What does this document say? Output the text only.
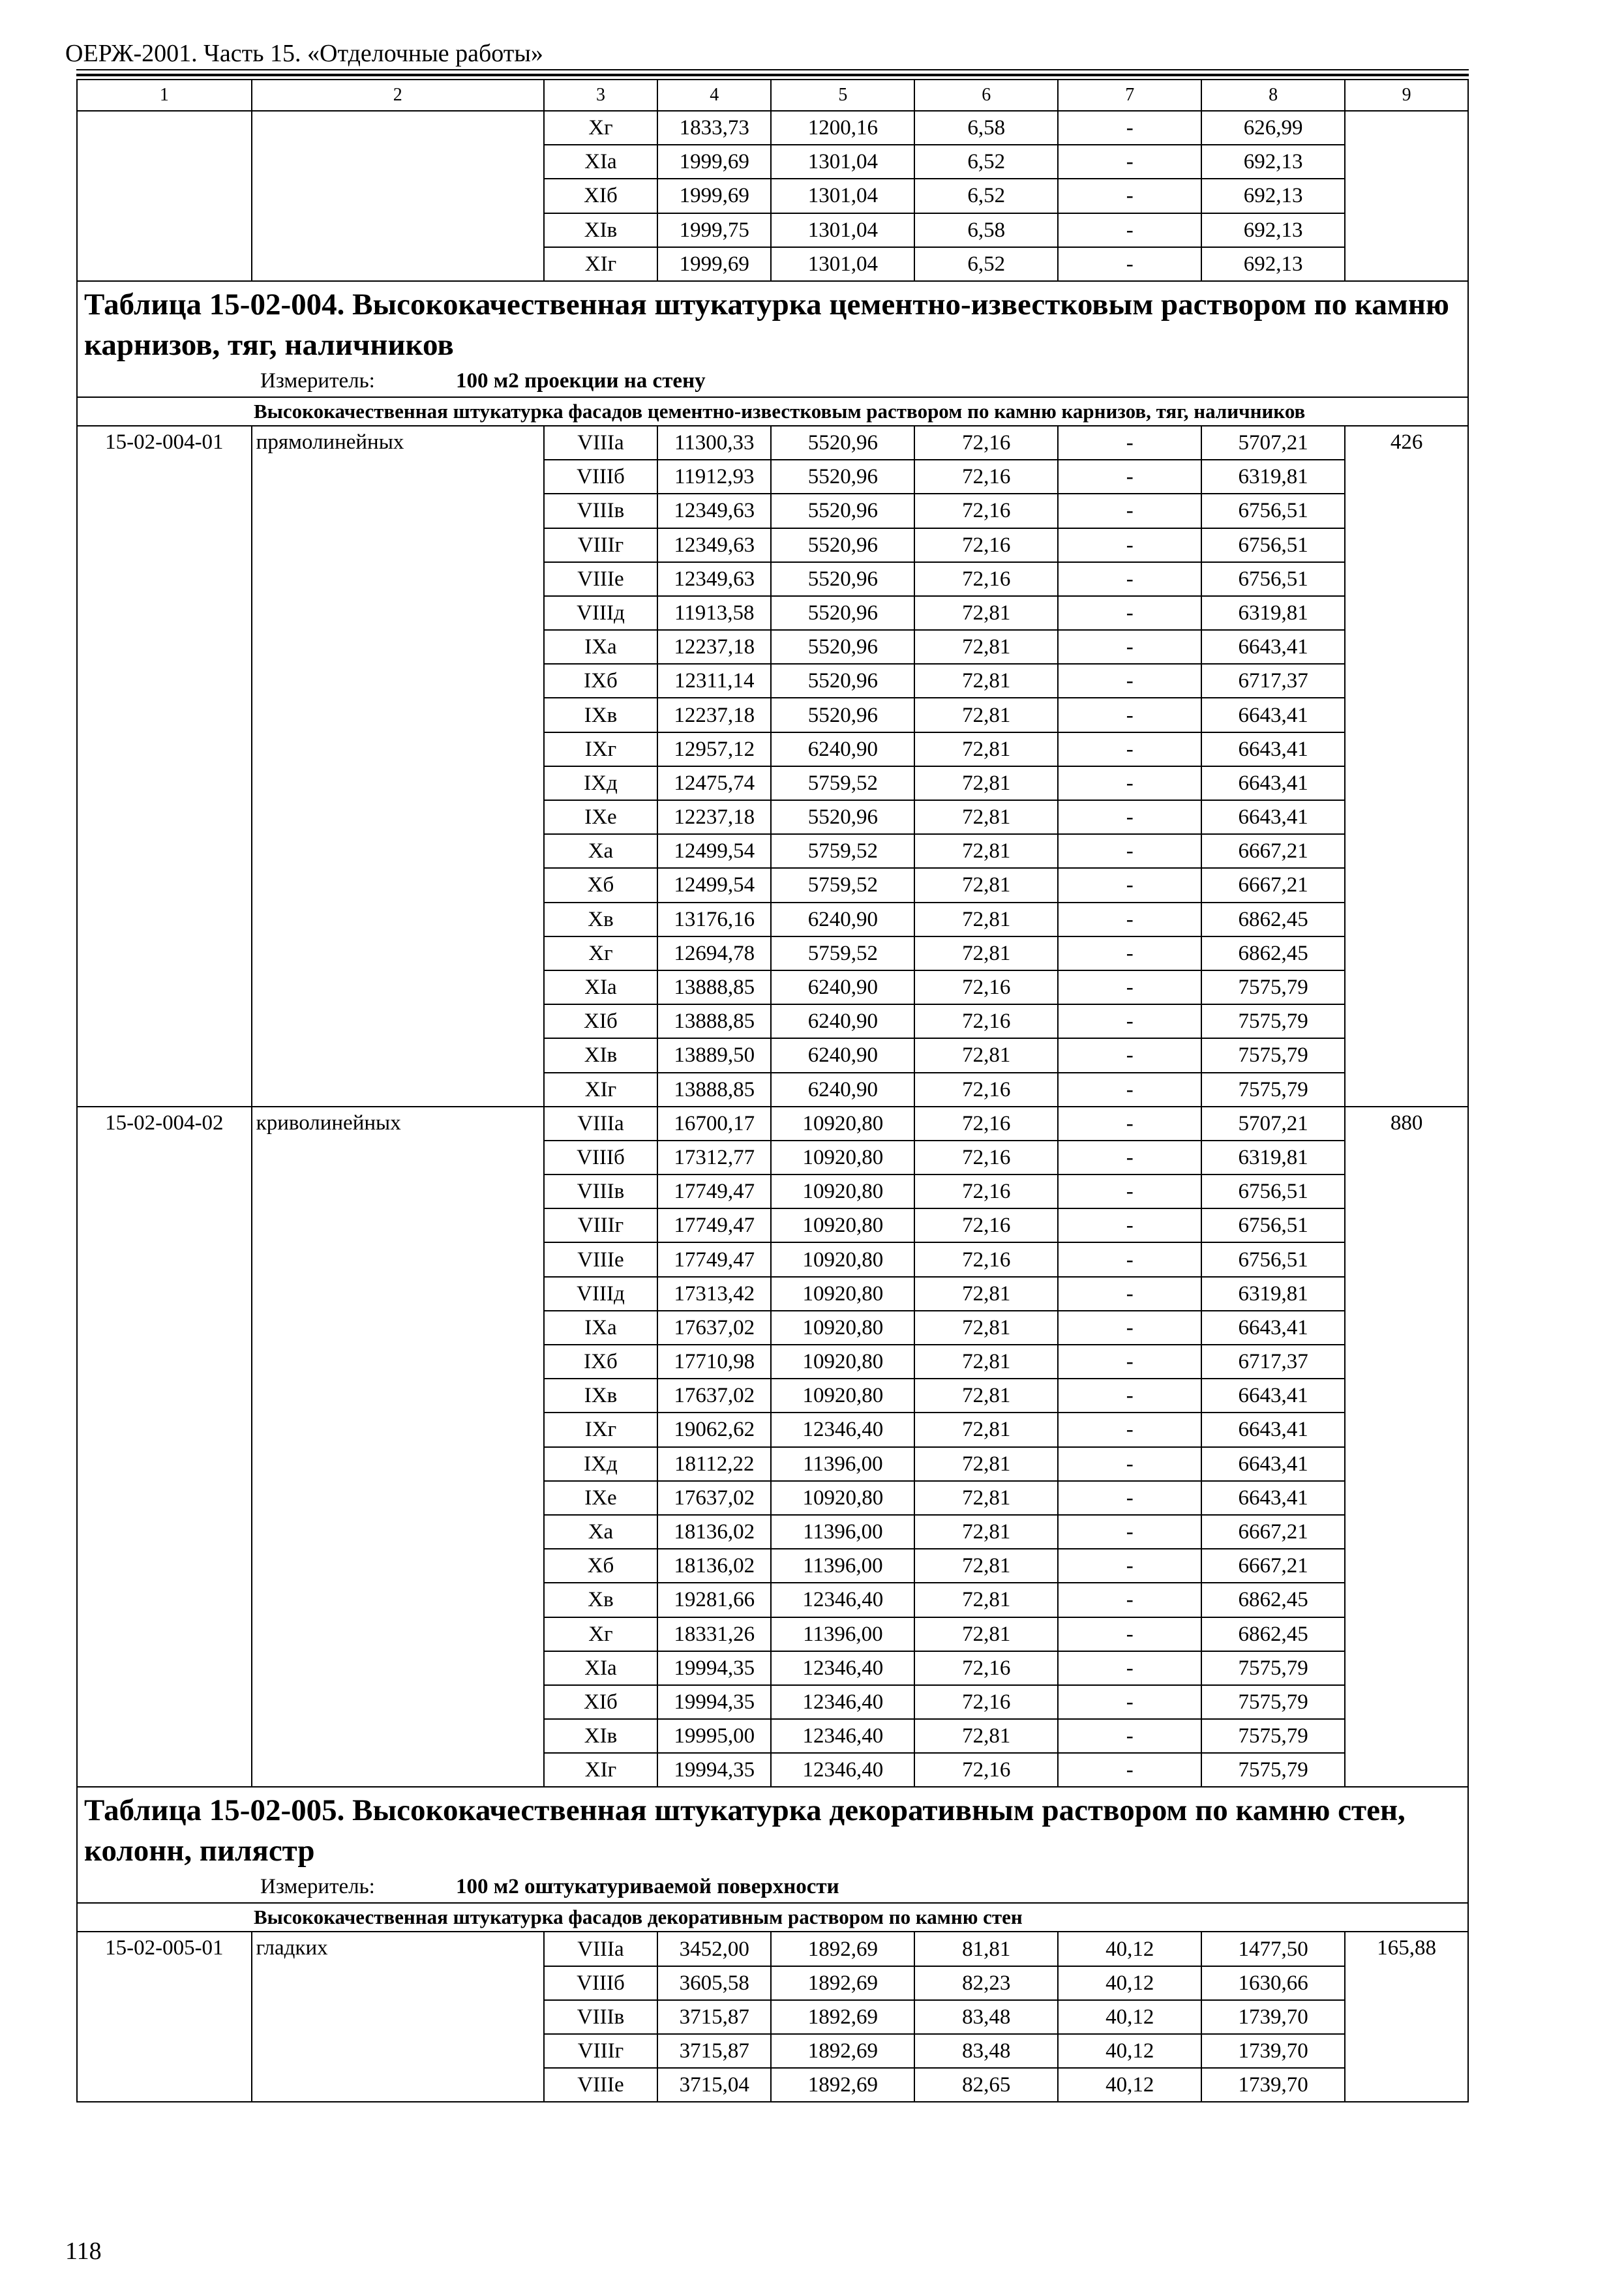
ОЕРЖ-2001. Часть 15. «Отделочные работы»
1	2	3	4	5	6	7	8	9
		Хг	1833,73	1200,16	6,58	-	626,99	
		XIа	1999,69	1301,04	6,52	-	692,13	
		XIб	1999,69	1301,04	6,52	-	692,13	
		XIв	1999,75	1301,04	6,58	-	692,13	
		XIг	1999,69	1301,04	6,52	-	692,13	

Таблица 15-02-004. Высококачественная штукатурка цементно-известковым раствором по камню карнизов, тяг, наличников
Измеритель: 100 м2 проекции на стену								

Высококачественная штукатурка фасадов цементно-известковым раствором по камню карнизов, тяг, наличников								
15-02-004-01	прямолинейных	VIIIа	11300,33	5520,96	72,16	-	5707,21	426
		VIIIб	11912,93	5520,96	72,16	-	6319,81	
		VIIIв	12349,63	5520,96	72,16	-	6756,51	
		VIIIг	12349,63	5520,96	72,16	-	6756,51	
		VIIIе	12349,63	5520,96	72,16	-	6756,51	
		VIIIд	11913,58	5520,96	72,81	-	6319,81	
		IXа	12237,18	5520,96	72,81	-	6643,41	
		IXб	12311,14	5520,96	72,81	-	6717,37	
		IXв	12237,18	5520,96	72,81	-	6643,41	
		IXг	12957,12	6240,90	72,81	-	6643,41	
		IXд	12475,74	5759,52	72,81	-	6643,41	
		IXе	12237,18	5520,96	72,81	-	6643,41	
		Ха	12499,54	5759,52	72,81	-	6667,21	
		Хб	12499,54	5759,52	72,81	-	6667,21	
		Хв	13176,16	6240,90	72,81	-	6862,45	
		Хг	12694,78	5759,52	72,81	-	6862,45	
		XIа	13888,85	6240,90	72,16	-	7575,79	
		XIб	13888,85	6240,90	72,16	-	7575,79	
		XIв	13889,50	6240,90	72,81	-	7575,79	
		XIг	13888,85	6240,90	72,16	-	7575,79	
15-02-004-02	криволинейных	VIIIа	16700,17	10920,80	72,16	-	5707,21	880
		VIIIб	17312,77	10920,80	72,16	-	6319,81	
		VIIIв	17749,47	10920,80	72,16	-	6756,51	
		VIIIг	17749,47	10920,80	72,16	-	6756,51	
		VIIIе	17749,47	10920,80	72,16	-	6756,51	
		VIIIд	17313,42	10920,80	72,81	-	6319,81	
		IXа	17637,02	10920,80	72,81	-	6643,41	
		IXб	17710,98	10920,80	72,81	-	6717,37	
		IXв	17637,02	10920,80	72,81	-	6643,41	
		IXг	19062,62	12346,40	72,81	-	6643,41	
		IXд	18112,22	11396,00	72,81	-	6643,41	
		IXе	17637,02	10920,80	72,81	-	6643,41	
		Ха	18136,02	11396,00	72,81	-	6667,21	
		Хб	18136,02	11396,00	72,81	-	6667,21	
		Хв	19281,66	12346,40	72,81	-	6862,45	
		Хг	18331,26	11396,00	72,81	-	6862,45	
		XIа	19994,35	12346,40	72,16	-	7575,79	
		XIб	19994,35	12346,40	72,16	-	7575,79	
		XIв	19995,00	12346,40	72,81	-	7575,79	
		XIг	19994,35	12346,40	72,16	-	7575,79	

Таблица 15-02-005. Высококачественная штукатурка декоративным раствором по камню стен, колонн, пилястр
Измеритель: 100 м2 оштукатуриваемой поверхности								

Высококачественная штукатурка фасадов декоративным раствором по камню стен								
15-02-005-01	гладких	VIIIа	3452,00	1892,69	81,81	40,12	1477,50	165,88
		VIIIб	3605,58	1892,69	82,23	40,12	1630,66	
		VIIIв	3715,87	1892,69	83,48	40,12	1739,70	
		VIIIг	3715,87	1892,69	83,48	40,12	1739,70	
		VIIIе	3715,04	1892,69	82,65	40,12	1739,70	
118
